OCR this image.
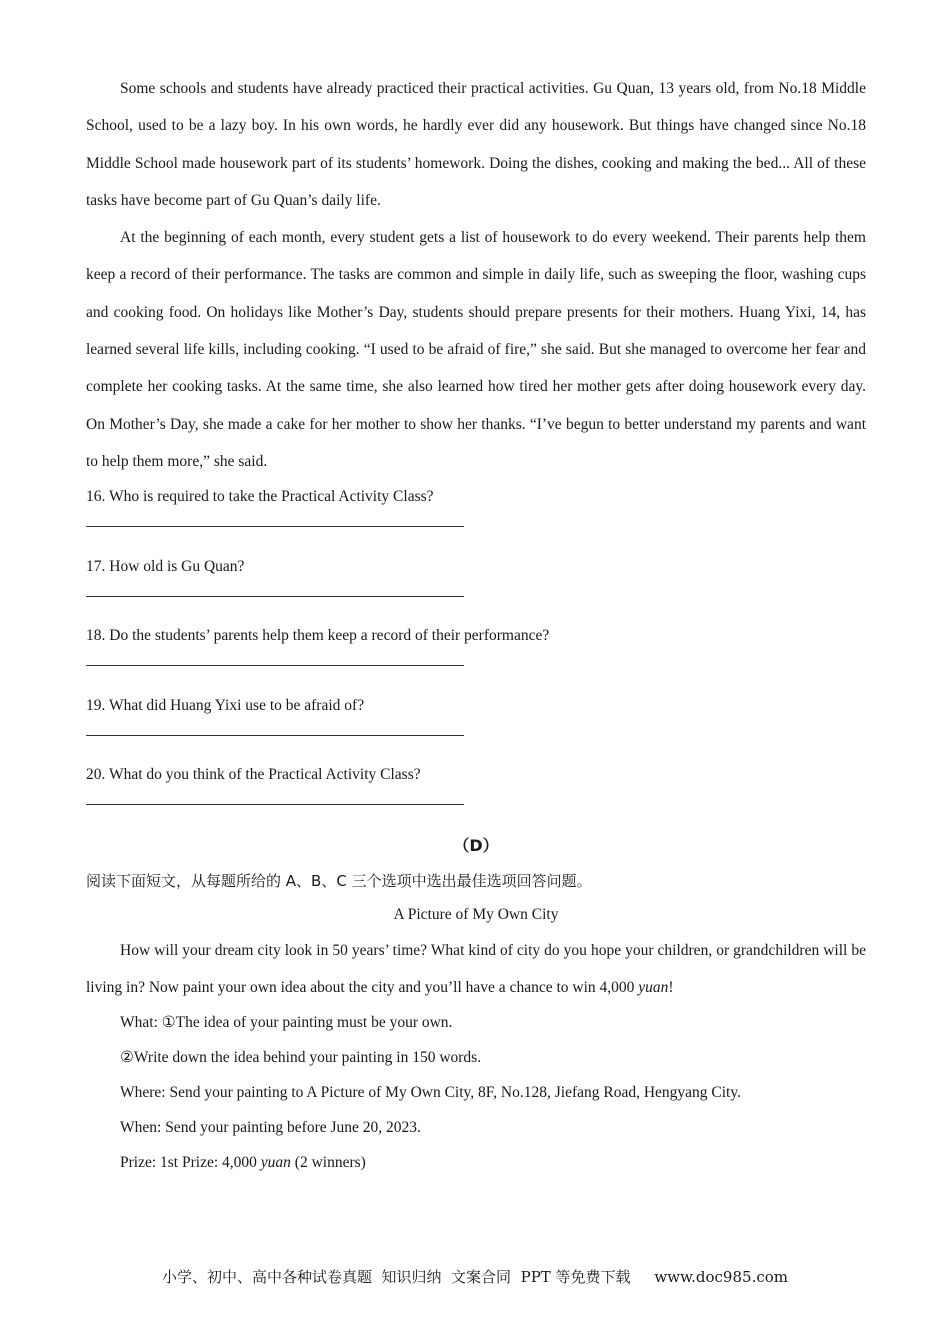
Some schools and students have already practiced their practical activities. Gu Quan, 13 years old, from No.18 Middle School, used to be a lazy boy. In his own words, he hardly ever did any housework. But things have changed since No.18 Middle School made housework part of its students’ homework. Doing the dishes, cooking and making the bed... All of these tasks have become part of Gu Quan’s daily life.

At the beginning of each month, every student gets a list of housework to do every weekend. Their parents help them keep a record of their performance. The tasks are common and simple in daily life, such as sweeping the floor, washing cups and cooking food. On holidays like Mother’s Day, students should prepare presents for their mothers. Huang Yixi, 14, has learned several life kills, including cooking. “I used to be afraid of fire,” she said. But she managed to overcome her fear and complete her cooking tasks. At the same time, she also learned how tired her mother gets after doing housework every day. On Mother’s Day, she made a cake for her mother to show her thanks. “I’ve begun to better understand my parents and want to help them more,” she said.

16. Who is required to take the Practical Activity Class?

17. How old is Gu Quan?

18. Do the students’ parents help them keep a record of their performance?

19. What did Huang Yixi use to be afraid of?

20. What do you think of the Practical Activity Class?

（D）

阅读下面短文，从每题所给的 A、B、C 三个选项中选出最佳选项回答问题。

A Picture of My Own City

How will your dream city look in 50 years’ time? What kind of city do you hope your children, or grandchildren will be living in? Now paint your own idea about the city and you’ll have a chance to win 4,000 yuan!

What: ①The idea of your painting must be your own.

②Write down the idea behind your painting in 150 words.

Where: Send your painting to A Picture of My Own City, 8F, No.128, Jiefang Road, Hengyang City.

When: Send your painting before June 20, 2023.

Prize: 1st Prize: 4,000 yuan (2 winners)

小学、初中、高中各种试卷真题  知识归纳  文案合同  PPT 等免费下载     www.doc985.com
